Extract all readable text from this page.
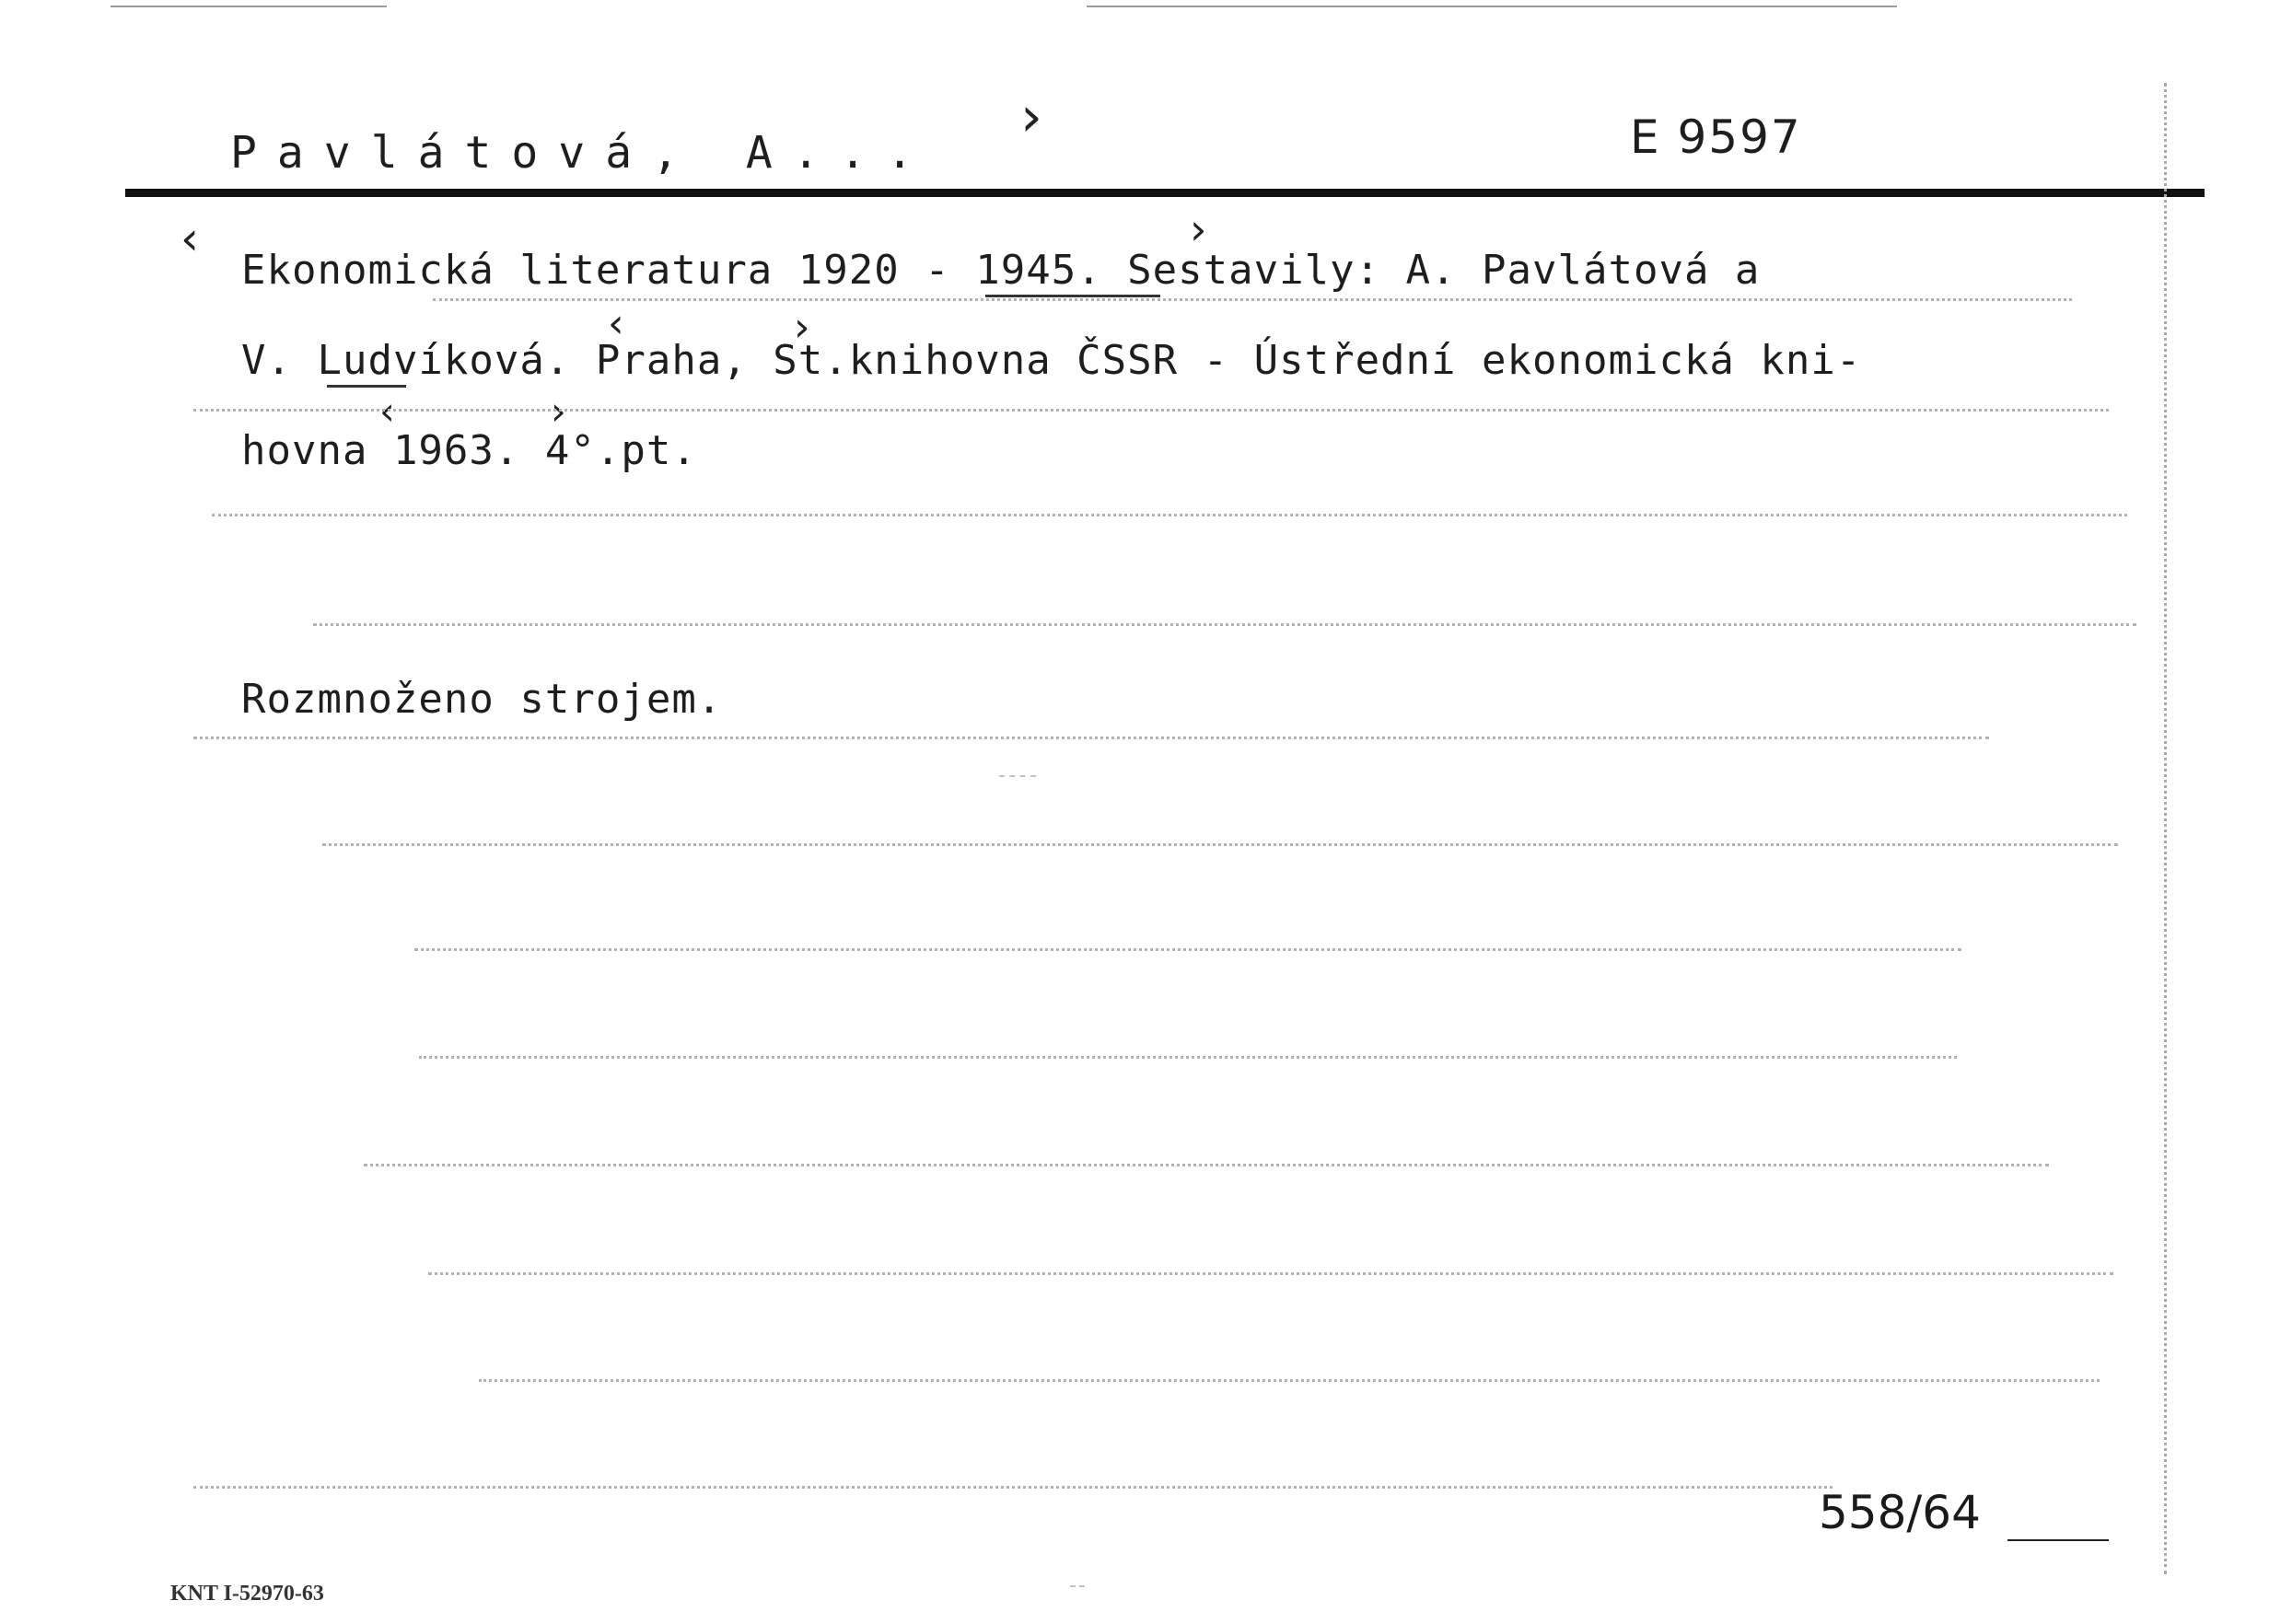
Pavlátová, A...
›	E 9597
‹
Ekonomická literatura 1920 - 1945. Sestavily: A. Pavlátová a
V. Ludvíková. Praha, St.knihovna ČSSR - Ústřední ekonomická kni-
hovna 1963. 4°.pt.
›
‹	›
‹	›
Rozmnoženo strojem.
558/64
KNT I-52970-63
